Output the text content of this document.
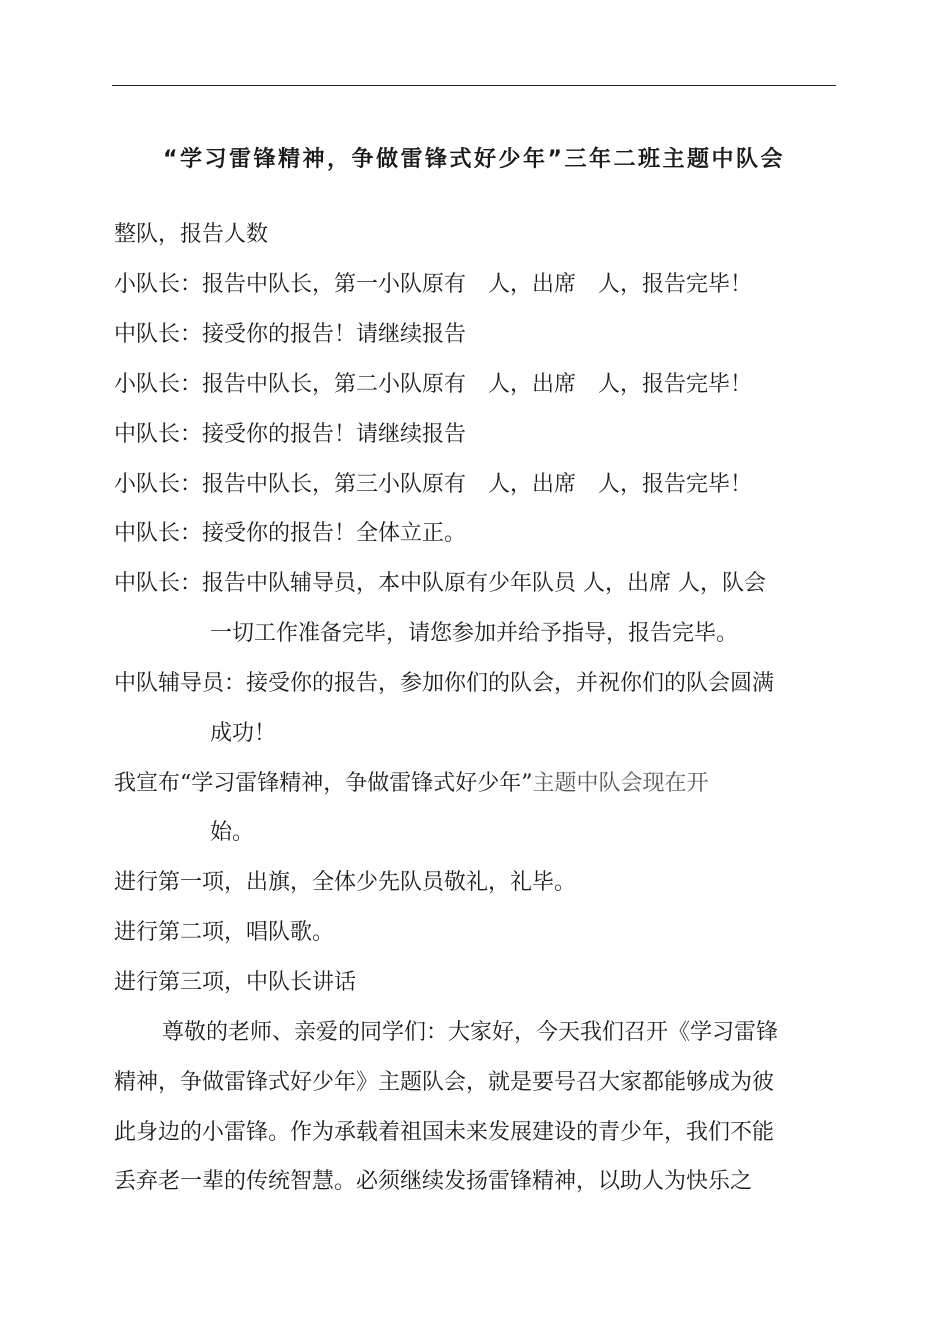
“学习雷锋精神，争做雷锋式好少年”三年二班主题中队会
整队，报告人数
小队长：报告中队长，第一小队原有　人，出席　人，报告完毕！
中队长：接受你的报告！请继续报告
小队长：报告中队长，第二小队原有　人，出席　人，报告完毕！
中队长：接受你的报告！请继续报告
小队长：报告中队长，第三小队原有　人，出席　人，报告完毕！
中队长：接受你的报告！全体立正。
中队长：报告中队辅导员，本中队原有少年队员 人，出席 人，队会
一切工作准备完毕，请您参加并给予指导，报告完毕。
中队辅导员：接受你的报告，参加你们的队会，并祝你们的队会圆满
成功！
我宣布“学习雷锋精神，争做雷锋式好少年”主题中队会现在开
始。
进行第一项，出旗，全体少先队员敬礼，礼毕。
进行第二项，唱队歌。
进行第三项，中队长讲话
尊敬的老师、亲爱的同学们：大家好，今天我们召开《学习雷锋
精神，争做雷锋式好少年》主题队会，就是要号召大家都能够成为彼
此身边的小雷锋。作为承载着祖国未来发展建设的青少年，我们不能
丢弃老一辈的传统智慧。必须继续发扬雷锋精神，以助人为快乐之
